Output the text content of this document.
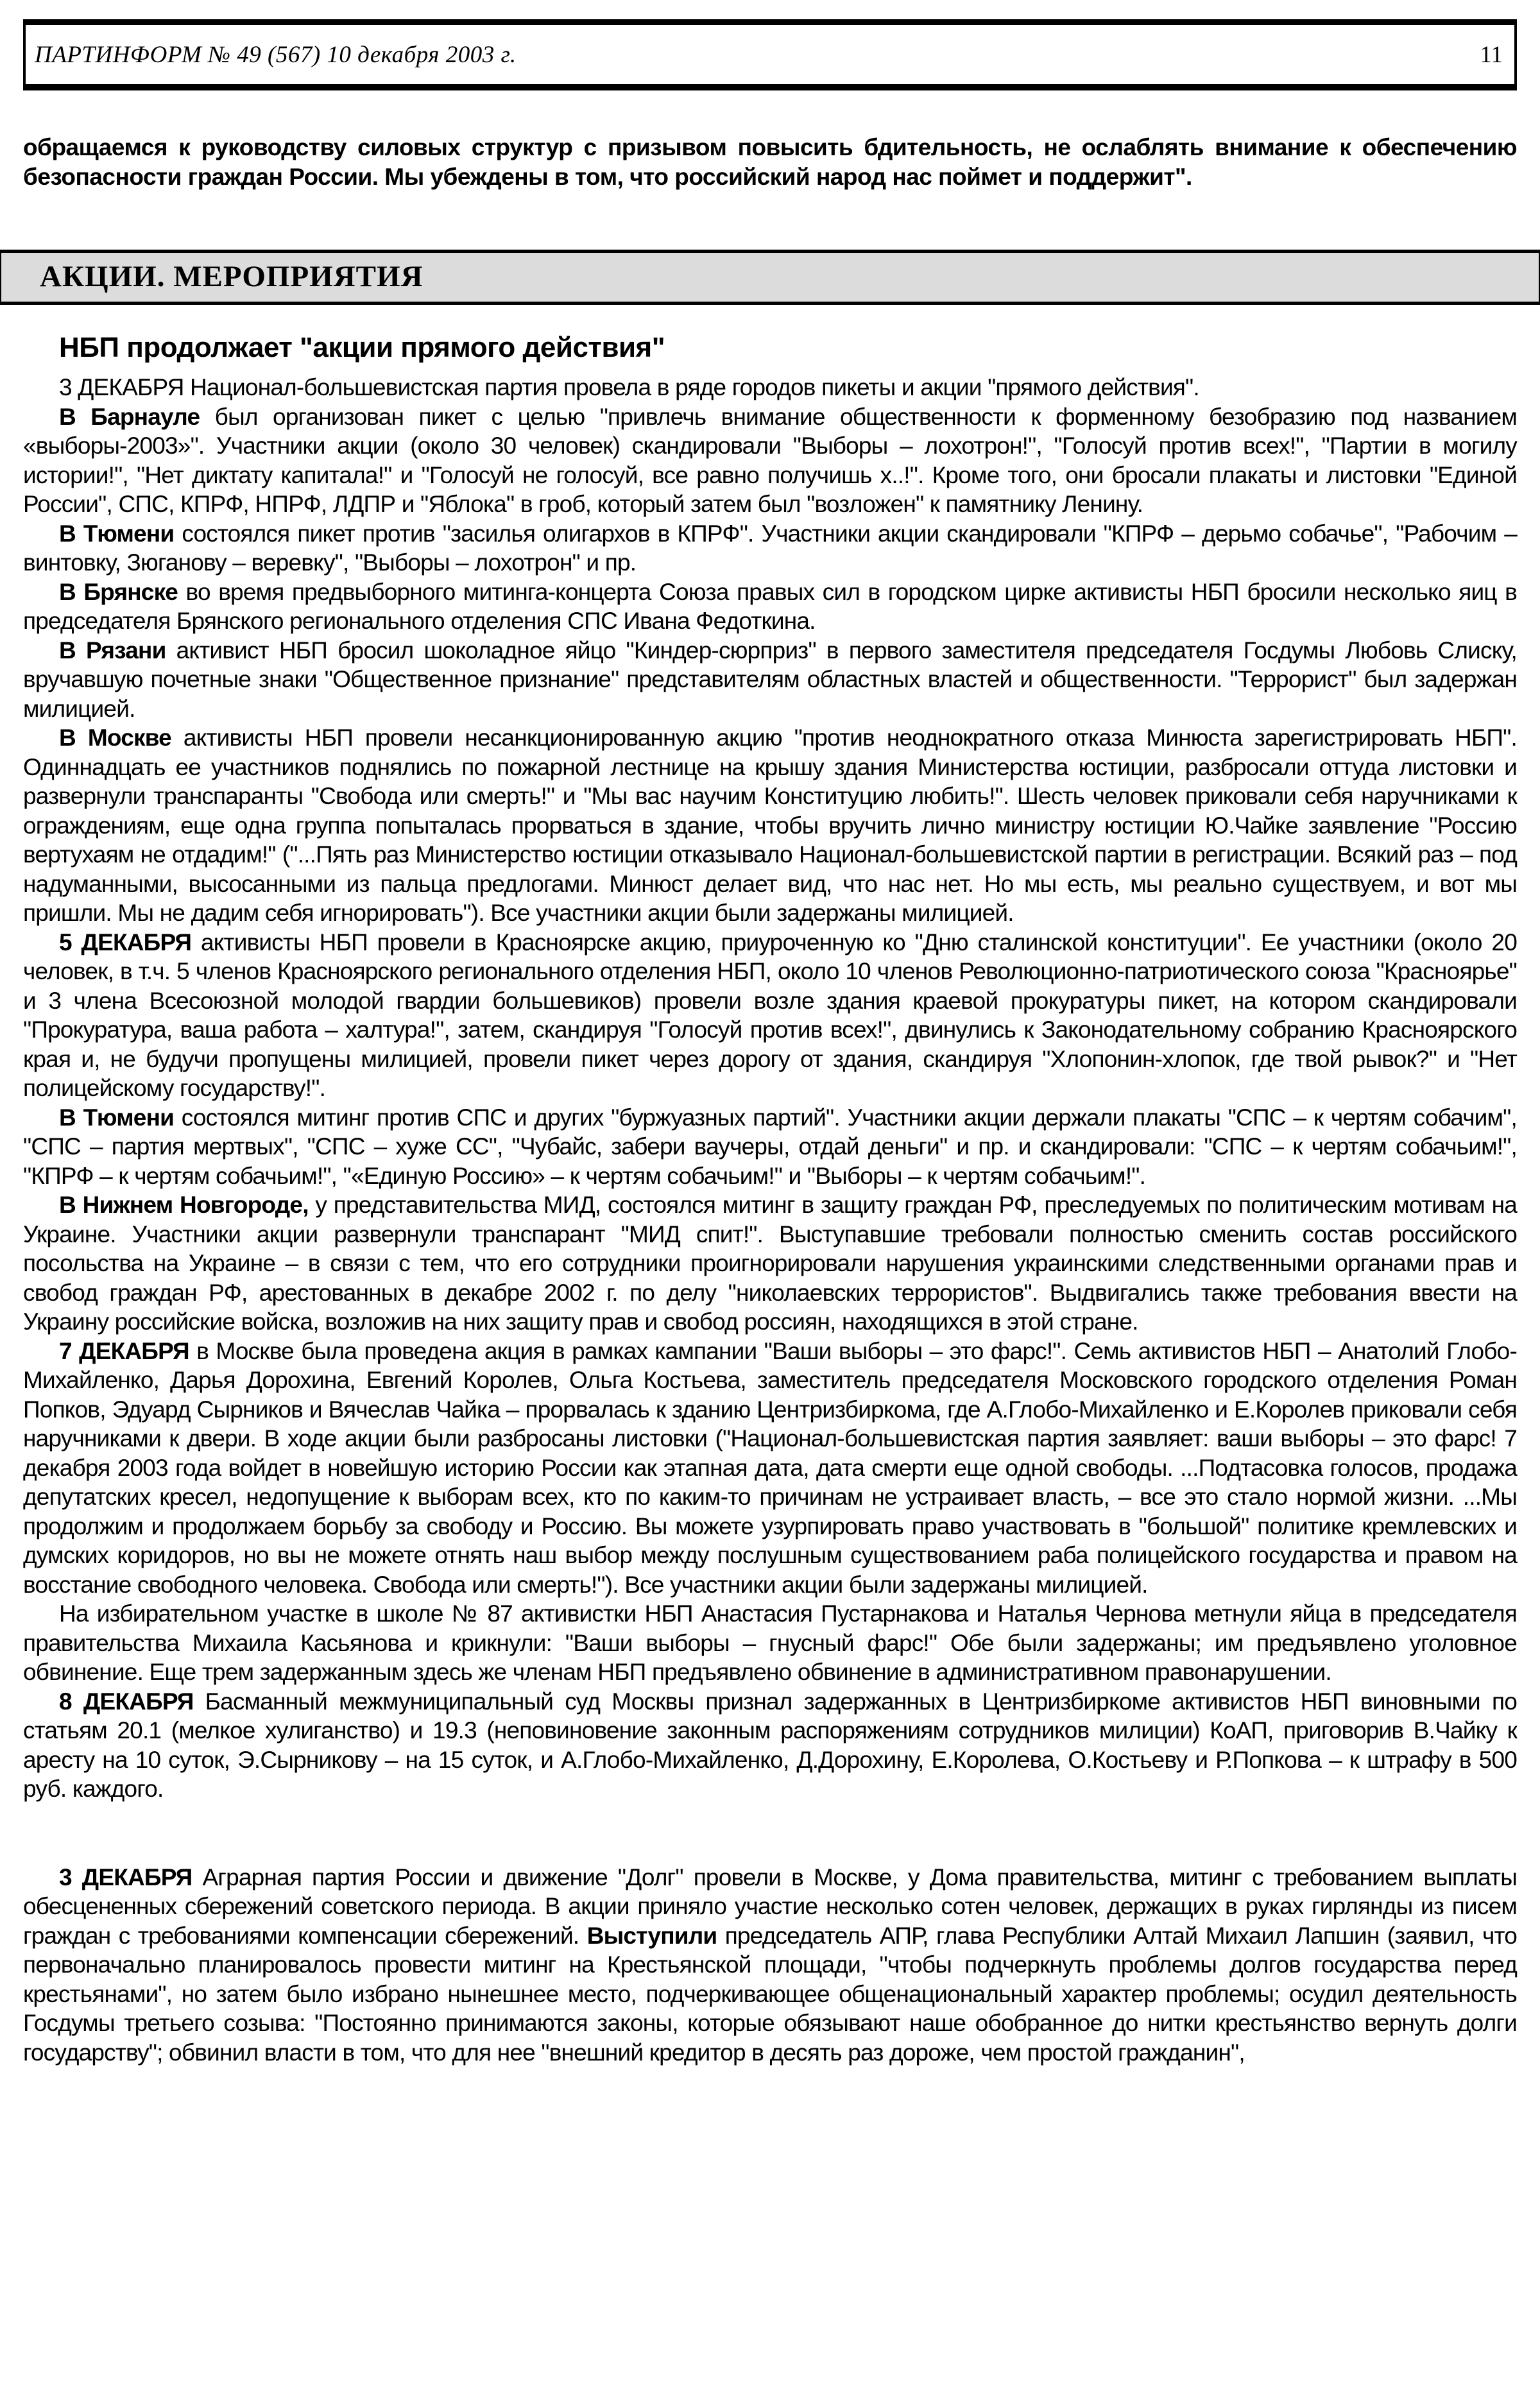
ПАРТИНФОРМ № 49 (567) 10 декабря 2003 г.	11
обращаемся к руководству силовых структур с призывом повысить бдительность, не ослаблять внимание к обеспечению безопасности граждан России. Мы убеждены в том, что российский народ нас поймет и поддержит".
АКЦИИ. МЕРОПРИЯТИЯ
НБП продолжает "акции прямого действия"

3 ДЕКАБРЯ Национал-большевистская партия провела в ряде городов пикеты и акции "прямого действия".

В Барнауле был организован пикет с целью "привлечь внимание общественности к форменному безобразию под названием «выборы-2003»". Участники акции (около 30 человек) скандировали "Выборы – лохотрон!", "Голосуй против всех!", "Партии в могилу истории!", "Нет диктату капитала!" и "Голосуй не голосуй, все равно получишь х..!". Кроме того, они бросали плакаты и листовки "Единой России", СПС, КПРФ, НПРФ, ЛДПР и "Яблока" в гроб, который затем был "возложен" к памятнику Ленину.

В Тюмени состоялся пикет против "засилья олигархов в КПРФ". Участники акции скандировали "КПРФ – дерьмо собачье", "Рабочим – винтовку, Зюганову – веревку", "Выборы – лохотрон" и пр.

В Брянске во время предвыборного митинга-концерта Союза правых сил в городском цирке активисты НБП бросили несколько яиц в председателя Брянского регионального отделения СПС Ивана Федоткина.

В Рязани активист НБП бросил шоколадное яйцо "Киндер-сюрприз" в первого заместителя председателя Госдумы Любовь Слиску, вручавшую почетные знаки "Общественное признание" представителям областных властей и общественности. "Террорист" был задержан милицией.

В Москве активисты НБП провели несанкционированную акцию "против неоднократного отказа Минюста зарегистрировать НБП". Одиннадцать ее участников поднялись по пожарной лестнице на крышу здания Министерства юстиции, разбросали оттуда листовки и развернули транспаранты "Свобода или смерть!" и "Мы вас научим Конституцию любить!". Шесть человек приковали себя наручниками к ограждениям, еще одна группа попыталась прорваться в здание, чтобы вручить лично министру юстиции Ю.Чайке заявление "Россию вертухаям не отдадим!" ("...Пять раз Министерство юстиции отказывало Национал-большевистской партии в регистрации. Всякий раз – под надуманными, высосанными из пальца предлогами. Минюст делает вид, что нас нет. Но мы есть, мы реально существуем, и вот мы пришли. Мы не дадим себя игнорировать"). Все участники акции были задержаны милицией.

5 ДЕКАБРЯ активисты НБП провели в Красноярске акцию, приуроченную ко "Дню сталинской конституции". Ее участники (около 20 человек, в т.ч. 5 членов Красноярского регионального отделения НБП, около 10 членов Революционно-патриотического союза "Красноярье" и 3 члена Всесоюзной молодой гвардии большевиков) провели возле здания краевой прокуратуры пикет, на котором скандировали "Прокуратура, ваша работа – халтура!", затем, скандируя "Голосуй против всех!", двинулись к Законодательному собранию Красноярского края и, не будучи пропущены милицией, провели пикет через дорогу от здания, скандируя "Хлопонин-хлопок, где твой рывок?" и "Нет полицейскому государству!".

В Тюмени состоялся митинг против СПС и других "буржуазных партий". Участники акции держали плакаты "СПС – к чертям собачим", "СПС – партия мертвых", "СПС – хуже СС", "Чубайс, забери ваучеры, отдай деньги" и пр. и скандировали: "СПС – к чертям собачьим!", "КПРФ – к чертям собачьим!", "«Единую Россию» – к чертям собачьим!" и "Выборы – к чертям собачьим!".

В Нижнем Новгороде, у представительства МИД, состоялся митинг в защиту граждан РФ, преследуемых по политическим мотивам на Украине. Участники акции развернули транспарант "МИД спит!". Выступавшие требовали полностью сменить состав российского посольства на Украине – в связи с тем, что его сотрудники проигнорировали нарушения украинскими следственными органами прав и свобод граждан РФ, арестованных в декабре 2002 г. по делу "николаевских террористов". Выдвигались также требования ввести на Украину российские войска, возложив на них защиту прав и свобод россиян, находящихся в этой стране.

7 ДЕКАБРЯ в Москве была проведена акция в рамках кампании "Ваши выборы – это фарс!". Семь активистов НБП – Анатолий Глобо-Михайленко, Дарья Дорохина, Евгений Королев, Ольга Костьева, заместитель председателя Московского городского отделения Роман Попков, Эдуард Сырников и Вячеслав Чайка – прорвалась к зданию Центризбиркома, где А.Глобо-Михайленко и Е.Королев приковали себя наручниками к двери. В ходе акции были разбросаны листовки ("Национал-большевистская партия заявляет: ваши выборы – это фарс! 7 декабря 2003 года войдет в новейшую историю России как этапная дата, дата смерти еще одной свободы. ...Подтасовка голосов, продажа депутатских кресел, недопущение к выборам всех, кто по каким-то причинам не устраивает власть, – все это стало нормой жизни. ...Мы продолжим и продолжаем борьбу за свободу и Россию. Вы можете узурпировать право участвовать в "большой" политике кремлевских и думских коридоров, но вы не можете отнять наш выбор между послушным существованием раба полицейского государства и правом на восстание свободного человека. Свобода или смерть!"). Все участники акции были задержаны милицией.

На избирательном участке в школе № 87 активистки НБП Анастасия Пустарнакова и Наталья Чернова метнули яйца в председателя правительства Михаила Касьянова и крикнули: "Ваши выборы – гнусный фарс!" Обе были задержаны; им предъявлено уголовное обвинение. Еще трем задержанным здесь же членам НБП предъявлено обвинение в административном правонарушении.

8 ДЕКАБРЯ Басманный межмуниципальный суд Москвы признал задержанных в Центризбиркоме активистов НБП виновными по статьям 20.1 (мелкое хулиганство) и 19.3 (неповиновение законным распоряжениям сотрудников милиции) КоАП, приговорив В.Чайку к аресту на 10 суток, Э.Сырникову – на 15 суток, и А.Глобо-Михайленко, Д.Дорохину, Е.Королева, О.Костьеву и Р.Попкова – к штрафу в 500 руб. каждого.

3 ДЕКАБРЯ Аграрная партия России и движение "Долг" провели в Москве, у Дома правительства, митинг с требованием выплаты обесцененных сбережений советского периода. В акции приняло участие несколько сотен человек, держащих в руках гирлянды из писем граждан с требованиями компенсации сбережений. Выступили председатель АПР, глава Республики Алтай Михаил Лапшин (заявил, что первоначально планировалось провести митинг на Крестьянской площади, "чтобы подчеркнуть проблемы долгов государства перед крестьянами", но затем было избрано нынешнее место, подчеркивающее общенациональный характер проблемы; осудил деятельность Госдумы третьего созыва: "Постоянно принимаются законы, которые обязывают наше обобранное до нитки крестьянство вернуть долги государству"; обвинил власти в том, что для нее "внешний кредитор в десять раз дороже, чем простой гражданин",
